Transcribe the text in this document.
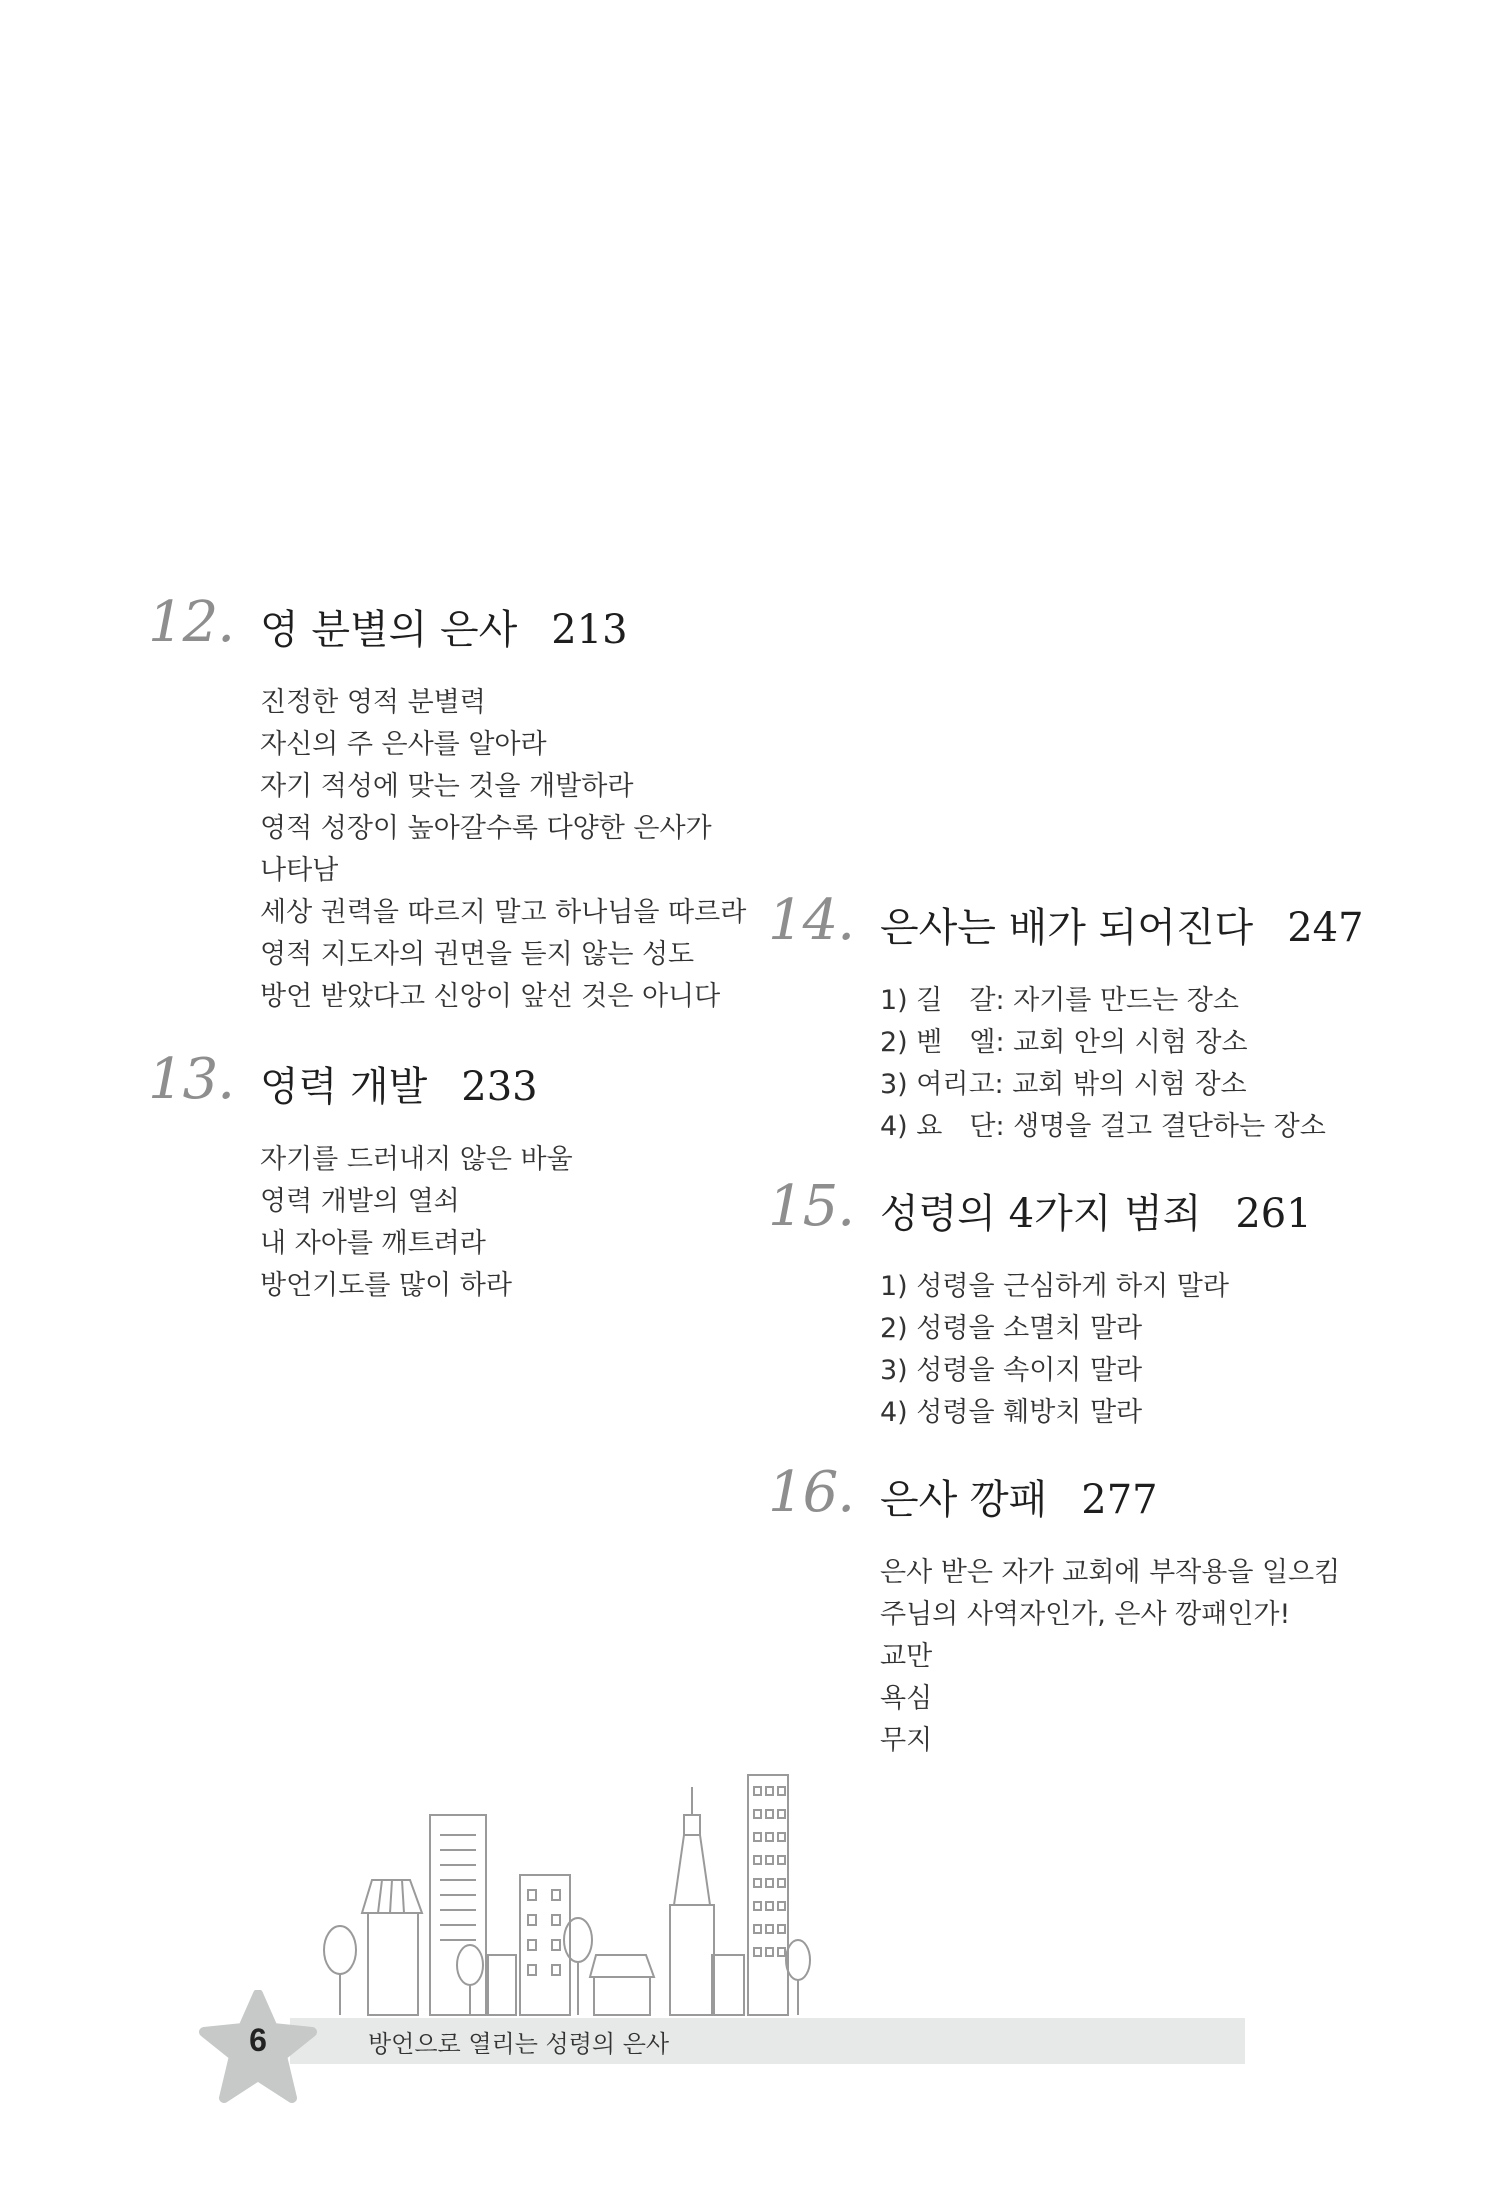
12. 영 분별의 은사 213
진정한 영적 분별력
자신의 주 은사를 알아라
자기 적성에 맞는 것을 개발하라
영적 성장이 높아갈수록 다양한 은사가
나타남
세상 권력을 따르지 말고 하나님을 따르라
영적 지도자의 권면을 듣지 않는 성도
방언 받았다고 신앙이 앞선 것은 아니다
13. 영력 개발 233
자기를 드러내지 않은 바울
영력 개발의 열쇠
내 자아를 깨트려라
방언기도를 많이 하라
14. 은사는 배가 되어진다 247
1) 길　갈: 자기를 만드는 장소
2) 벧　엘: 교회 안의 시험 장소
3) 여리고: 교회 밖의 시험 장소
4) 요　단: 생명을 걸고 결단하는 장소
15. 성령의 4가지 범죄 261
1) 성령을 근심하게 하지 말라
2) 성령을 소멸치 말라
3) 성령을 속이지 말라
4) 성령을 훼방치 말라
16. 은사 깡패 277
은사 받은 자가 교회에 부작용을 일으킴
주님의 사역자인가, 은사 깡패인가!
교만
욕심
무지
6	방언으로 열리는 성령의 은사
